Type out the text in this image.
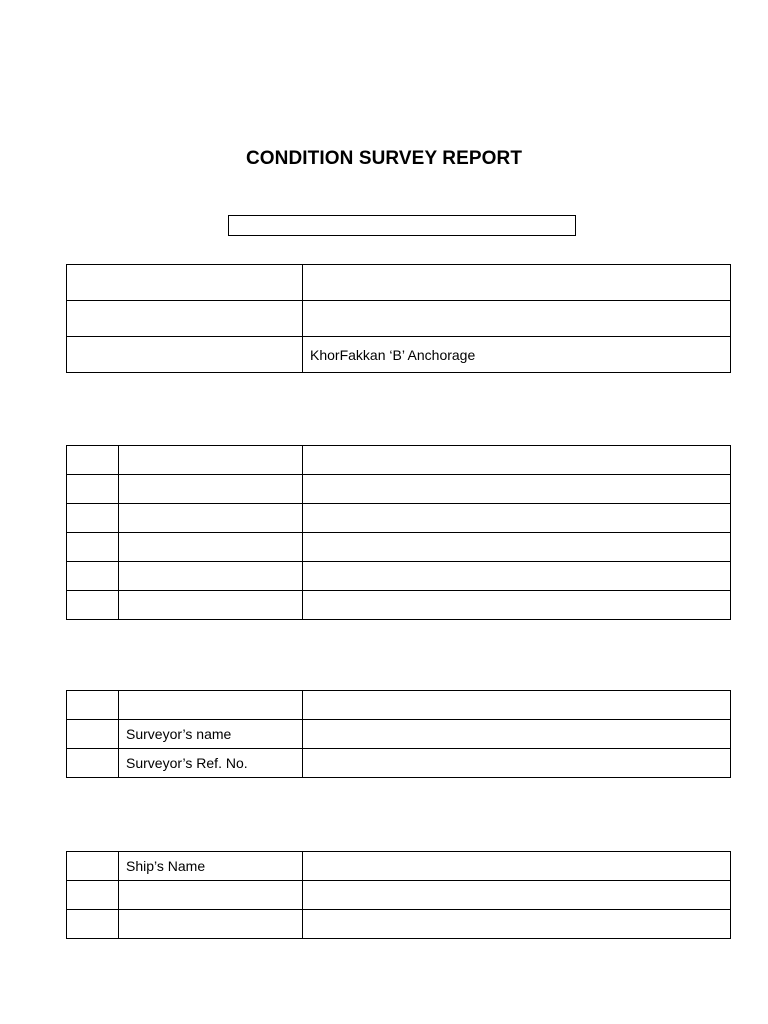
CONDITION SURVEY REPORT

	KhorFakkan ‘B’ Anchorage

	Surveyor’s name	
	Surveyor’s Ref. No.	
	Ship’s Name	
